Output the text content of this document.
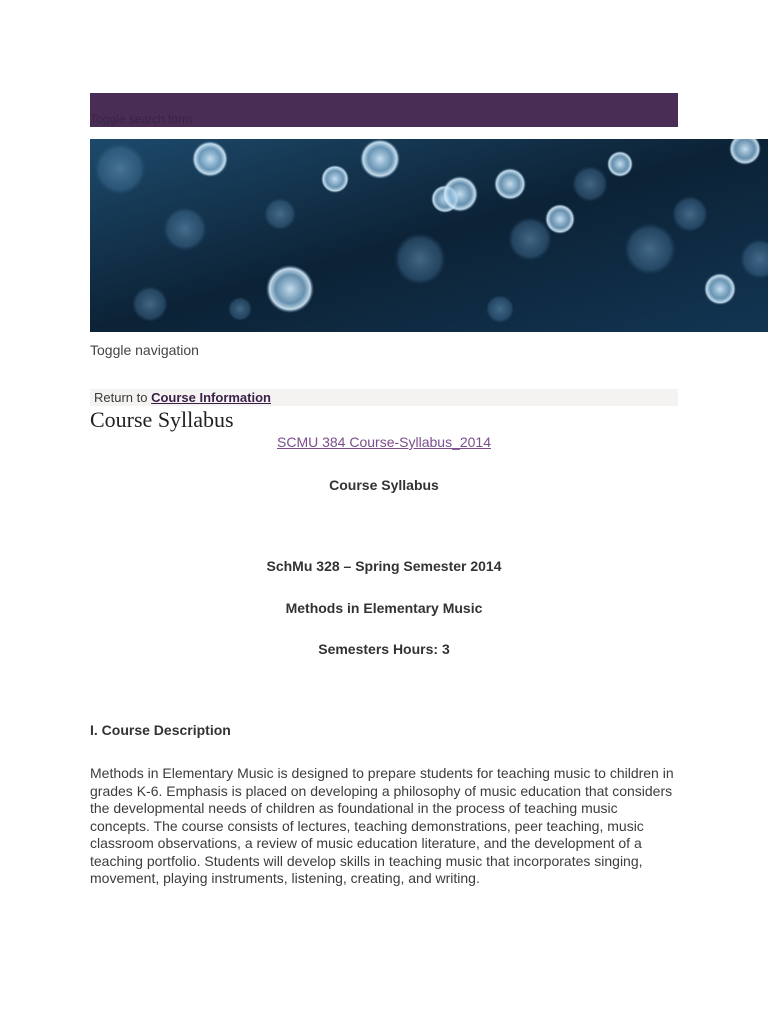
Toggle search form
Toggle navigation
Return to Course Information
Course Syllabus
SCMU 384 Course-Syllabus_2014
Course Syllabus
SchMu 328 – Spring Semester 2014
Methods in Elementary Music
Semesters Hours: 3
I. Course Description

Methods in Elementary Music is designed to prepare students for teaching music to children in grades K-6. Emphasis is placed on developing a philosophy of music education that considers the developmental needs of children as foundational in the process of teaching music concepts. The course consists of lectures, teaching demonstrations, peer teaching, music classroom observations, a review of music education literature, and the development of a teaching portfolio. Students will develop skills in teaching music that incorporates singing, movement, playing instruments, listening, creating, and writing.
